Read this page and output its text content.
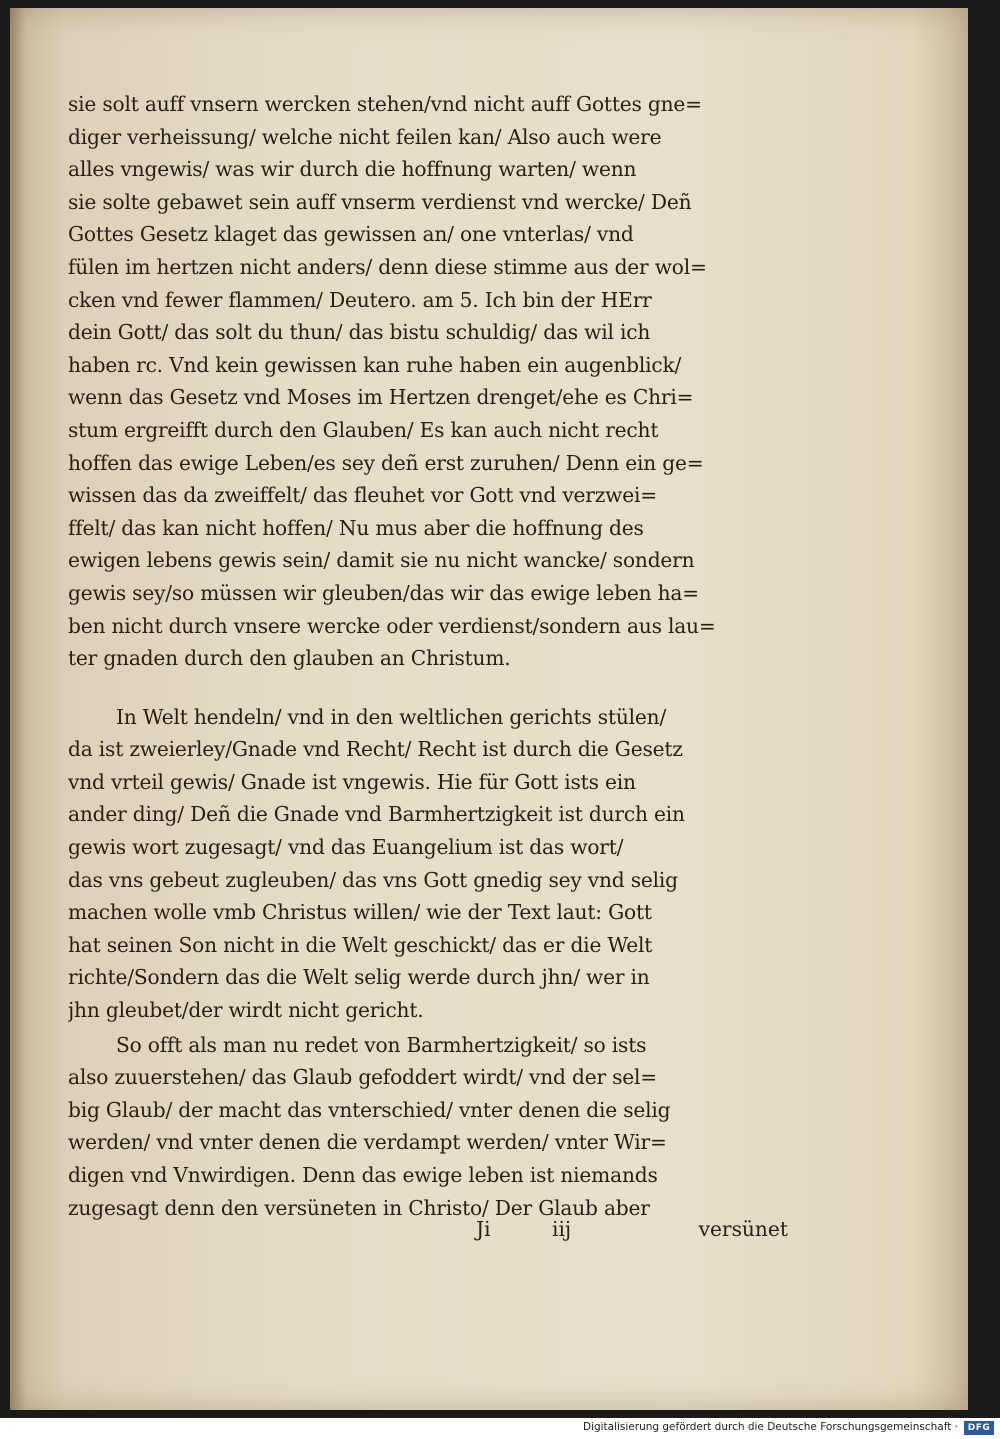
sie solt auff vnsern wercken stehen/vnd nicht auff Gottes gne=
diger verheissung/ welche nicht feilen kan/ Also auch were
alles vngewis/ was wir durch die hoffnung warten/ wenn
sie solte gebawet sein auff vnserm verdienst vnd wercke/ Deñ
Gottes Gesetz klaget das gewissen an/ one vnterlas/ vnd
fülen im hertzen nicht anders/ denn diese stimme aus der wol=
cken vnd fewer flammen/ Deutero. am 5. Ich bin der HErr
dein Gott/ das solt du thun/ das bistu schuldig/ das wil ich
haben rc. Vnd kein gewissen kan ruhe haben ein augenblick/
wenn das Gesetz vnd Moses im Hertzen drenget/ehe es Chri=
stum ergreifft durch den Glauben/ Es kan auch nicht recht
hoffen das ewige Leben/es sey deñ erst zuruhen/ Denn ein ge=
wissen das da zweiffelt/ das fleuhet vor Gott vnd verzwei=
ffelt/ das kan nicht hoffen/ Nu mus aber die hoffnung des
ewigen lebens gewis sein/ damit sie nu nicht wancke/ sondern
gewis sey/so müssen wir gleuben/das wir das ewige leben ha=
ben nicht durch vnsere wercke oder verdienst/sondern aus lau=
ter gnaden durch den glauben an Christum.
In Welt hendeln/ vnd in den weltlichen gerichts stülen/
da ist zweierley/Gnade vnd Recht/ Recht ist durch die Gesetz
vnd vrteil gewis/ Gnade ist vngewis. Hie für Gott ists ein
ander ding/ Deñ die Gnade vnd Barmhertzigkeit ist durch ein
gewis wort zugesagt/ vnd das Euangelium ist das wort/
das vns gebeut zugleuben/ das vns Gott gnedig sey vnd selig
machen wolle vmb Christus willen/ wie der Text laut: Gott
hat seinen Son nicht in die Welt geschickt/ das er die Welt
richte/Sondern das die Welt selig werde durch jhn/ wer in
jhn gleubet/der wirdt nicht gericht.
So offt als man nu redet von Barmhertzigkeit/ so ists
also zuuerstehen/ das Glaub gefoddert wirdt/ vnd der sel=
big Glaub/ der macht das vnterschied/ vnter denen die selig
werden/ vnd vnter denen die verdampt werden/ vnter Wir=
digen vnd Vnwirdigen. Denn das ewige leben ist niemands
zugesagt denn den versüneten in Christo/ Der Glaub aber
Ji	iij	versünet
Digitalisierung gefördert durch die Deutsche Forschungsgemeinschaft ·	DFG
